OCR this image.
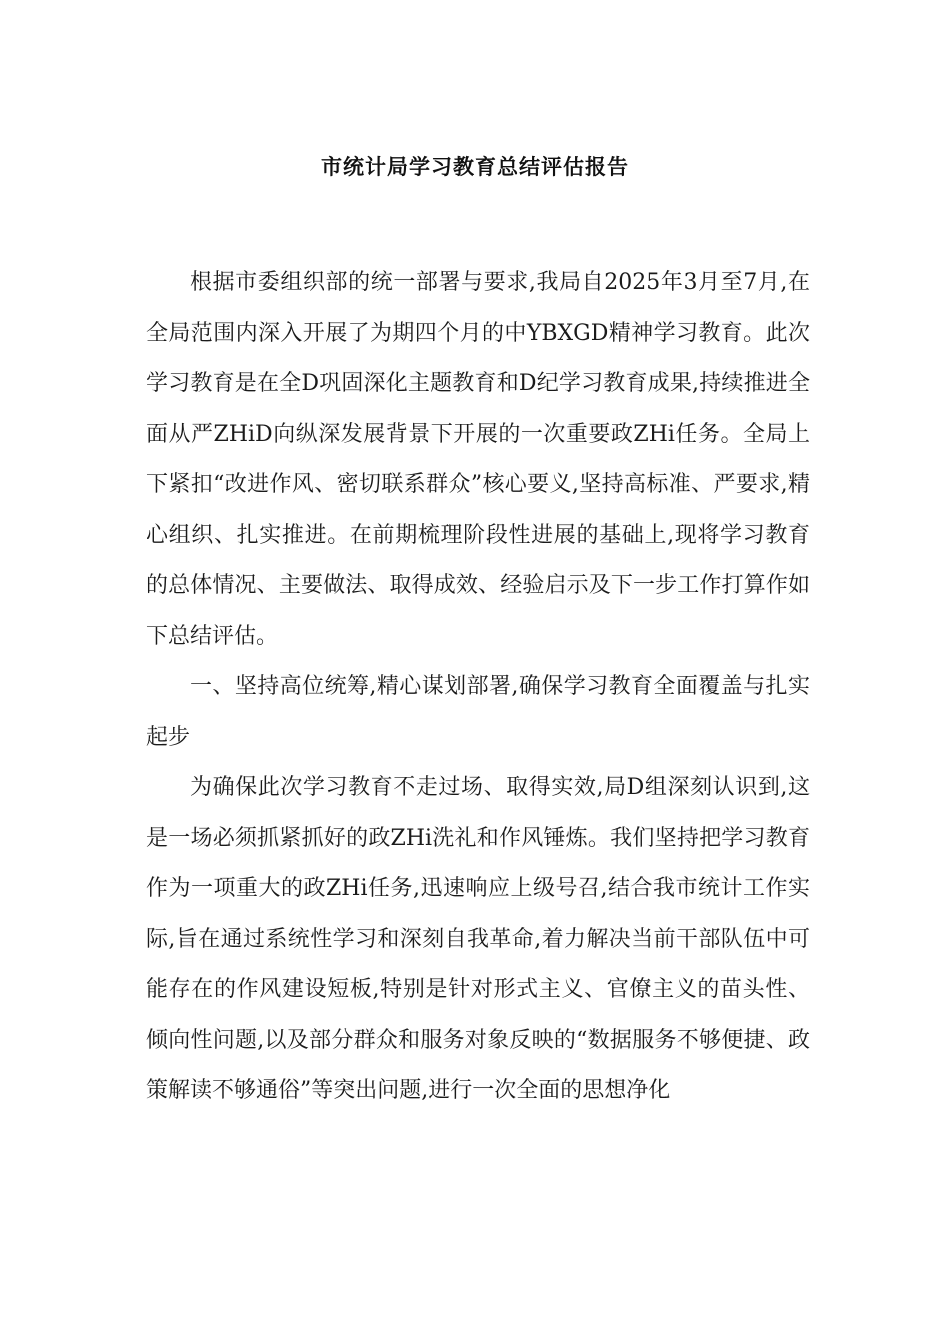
市统计局学习教育总结评估报告

根据市委组织部的统一部署与要求,我局自2025年3月至7月,在全局范围内深入开展了为期四个月的中YBXGD精神学习教育。此次学习教育是在全D巩固深化主题教育和D纪学习教育成果,持续推进全面从严ZHiD向纵深发展背景下开展的一次重要政ZHi任务。全局上下紧扣“改进作风、密切联系群众”核心要义,坚持高标准、严要求,精心组织、扎实推进。在前期梳理阶段性进展的基础上,现将学习教育的总体情况、主要做法、取得成效、经验启示及下一步工作打算作如下总结评估。

一、坚持高位统筹,精心谋划部署,确保学习教育全面覆盖与扎实起步

为确保此次学习教育不走过场、取得实效,局D组深刻认识到,这是一场必须抓紧抓好的政ZHi洗礼和作风锤炼。我们坚持把学习教育作为一项重大的政ZHi任务,迅速响应上级号召,结合我市统计工作实际,旨在通过系统性学习和深刻自我革命,着力解决当前干部队伍中可能存在的作风建设短板,特别是针对形式主义、官僚主义的苗头性、倾向性问题,以及部分群众和服务对象反映的“数据服务不够便捷、政策解读不够通俗”等突出问题,进行一次全面的思想净化
